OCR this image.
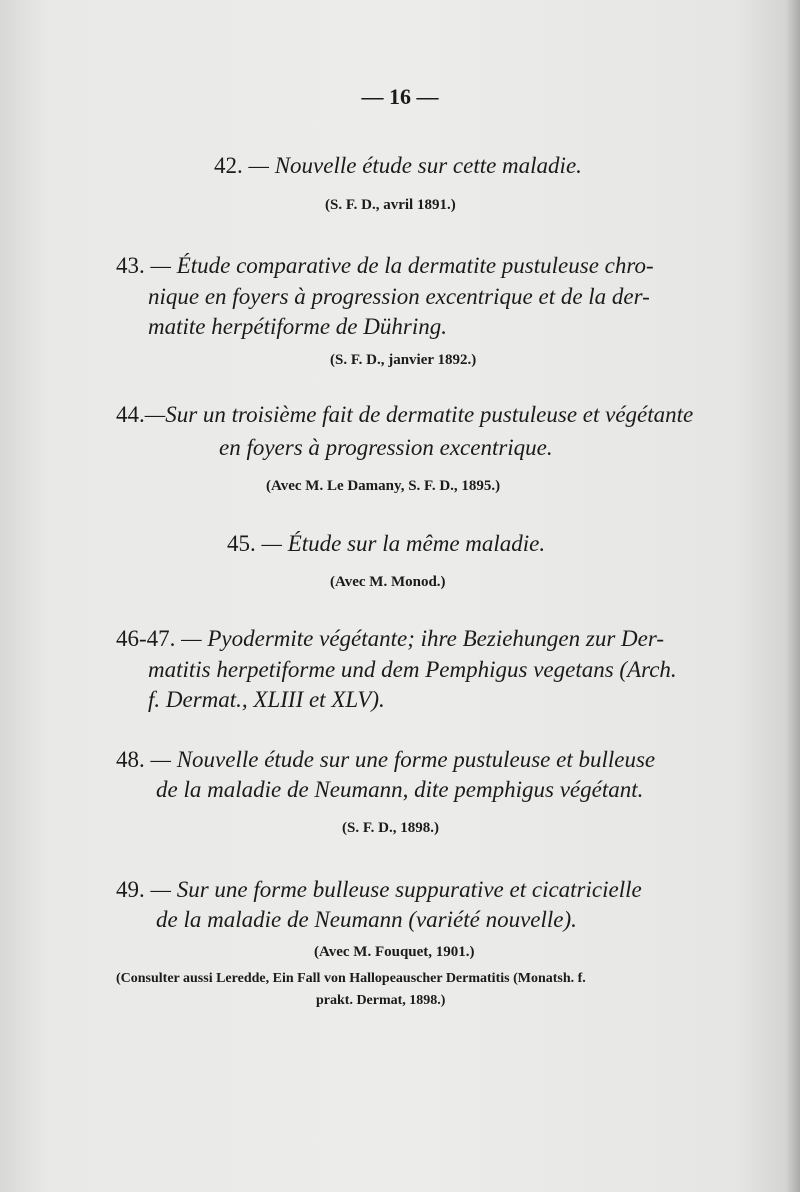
— 16 —
42. — Nouvelle étude sur cette maladie.
(S. F. D., avril 1891.)
43. — Étude comparative de la dermatite pustuleuse chro-
nique en foyers à progression excentrique et de la der-
matite herpétiforme de Dühring.
(S. F. D., janvier 1892.)
44.—Sur un troisième fait de dermatite pustuleuse et végétante
en foyers à progression excentrique.
(Avec M. Le Damany, S. F. D., 1895.)
45. — Étude sur la même maladie.
(Avec M. Monod.)
46-47. — Pyodermite végétante; ihre Beziehungen zur Der-
matitis herpetiforme und dem Pemphigus vegetans (Arch.
f. Dermat., XLIII et XLV).
48. — Nouvelle étude sur une forme pustuleuse et bulleuse
de la maladie de Neumann, dite pemphigus végétant.
(S. F. D., 1898.)
49. — Sur une forme bulleuse suppurative et cicatricielle
de la maladie de Neumann (variété nouvelle).
(Avec M. Fouquet, 1901.)
(Consulter aussi Leredde, Ein Fall von Hallopeauscher Dermatitis (Monatsh. f.
prakt. Dermat, 1898.)
